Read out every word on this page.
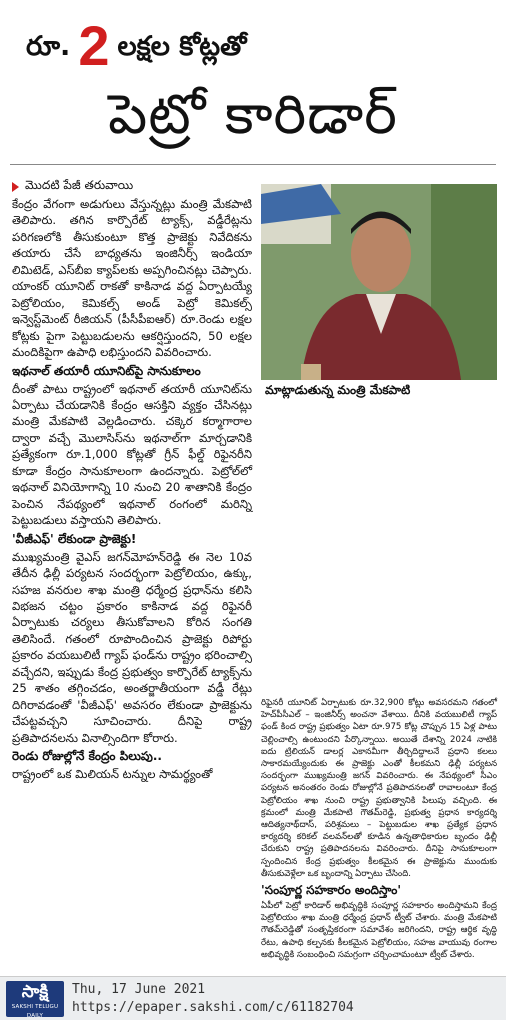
రూ. 2 లక్షల కోట్లతో
పెట్రో కారిడార్
మొదటి పేజీ తరువాయి

కేంద్రం వేగంగా అడుగులు వేస్తున్నట్లు మంత్రి మేకపాటి తెలిపారు. తగిన కార్పొరేట్ ట్యాక్స్, వడ్డీరేట్లను పరిగణలోకి తీసుకుంటూ కొత్త ప్రాజెక్టు నివేదికను తయారు చేసే బాధ్యతను ఇంజినీర్స్ ఇండియా లిమిటెడ్, ఎస్‌బీఐ క్యాప్‌లకు అప్పగించినట్లు చెప్పారు. యాంకర్ యూనిట్ రాకతో కాకినాడ వద్ద ఏర్పాటయ్యే పెట్రోలియం, కెమికల్స్ అండ్ పెట్రో కెమికల్స్ ఇన్వెస్ట్‌మెంట్ రీజియన్ (పీసీపీఐఆర్) రూ.రెండు లక్షల కోట్లకు పైగా పెట్టుబడులను ఆకర్షిస్తుందని, 50 లక్షల మందికిపైగా ఉపాధి లభిస్తుందని వివరించారు.

ఇథనాల్ తయారీ యూనిట్‌పై సానుకూలం

దీంతో పాటు రాష్ట్రంలో ఇథనాల్ తయారీ యూనిట్‌ను ఏర్పాటు చేయడానికి కేంద్రం ఆసక్తిని వ్యక్తం చేసినట్లు మంత్రి మేకపాటి వెల్లడించారు. చక్కెర కర్మాగారాల ద్వారా వచ్చే మొలాసిస్‌ను ఇథనాల్‌గా మార్చడానికి ప్రత్యేకంగా రూ.1,000 కోట్లతో గ్రీన్ ఫీల్డ్ రిఫైనరీని కూడా కేంద్రం సానుకూలంగా ఉందన్నారు. పెట్రోల్‌లో ఇథనాల్ వినియోగాన్ని 10 నుంచి 20 శాతానికి కేంద్రం పెంచిన నేపథ్యంలో ఇథనాల్ రంగంలో మరిన్ని పెట్టుబడులు వస్తాయని తెలిపారు.

'వీజీఎఫ్' లేకుండా ప్రాజెక్టు!

ముఖ్యమంత్రి వైఎస్ జగన్‌మోహన్‌రెడ్డి ఈ నెల 10వ తేదీన ఢిల్లీ పర్యటన సందర్భంగా పెట్రోలియం, ఉక్కు, సహజ వనరుల శాఖ మంత్రి ధర్మేంద్ర ప్రధాన్‌ను కలిసి విభజన చట్టం ప్రకారం కాకినాడ వద్ద రిఫైనరీ ఏర్పాటుకు చర్యలు తీసుకోవాలని కోరిన సంగతి తెలిసిందే. గతంలో రూపొందించిన ప్రాజెక్టు రిపోర్టు ప్రకారం వయబులిటీ గ్యాప్ ఫండ్‌ను రాష్ట్రం భరించాల్సి వచ్చేదని, ఇప్పుడు కేంద్ర ప్రభుత్వం కార్పొరేట్ ట్యాక్స్‌ను 25 శాతం తగ్గించడం, అంతర్జాతీయంగా వడ్డీ రేట్లు దిగిరావడంతో 'వీజీఎఫ్' అవసరం లేకుండా ప్రాజెక్టును చేపట్టవచ్చని సూచించారు. దీనిపై రాష్ట్ర ప్రతిపాదనలను వినాల్సిందిగా కోరారు.

రెండు రోజుల్లోనే కేంద్రం పిలుపు..

రాష్ట్రంలో ఒక మిలియన్ టన్నుల సామర్థ్యంతో

మాట్లాడుతున్న మంత్రి మేకపాటి

రిఫైనరీ యూనిట్ ఏర్పాటుకు రూ.32,900 కోట్లు అవసరమని గతంలో హెచ్‌పీసీఎల్ – ఇంజినీర్స్ అంచనా వేశాయి. దీనికి వయబులిటీ గ్యాప్ ఫండ్ కింద రాష్ట్ర ప్రభుత్వం ఏటా రూ.975 కోట్ల చొప్పున 15 ఏళ్ల పాటు చెల్లించాల్సి ఉంటుందని పేర్కొన్నాయి. అయితే దేశాన్ని 2024 నాటికి ఐదు ట్రిలియన్ డాలర్ల ఎకానమీగా తీర్చిదిద్దాలనే ప్రధాని కలలు సాకారమయ్యేందుకు ఈ ప్రాజెక్టు ఎంతో కీలకమని ఢిల్లీ పర్యటన సందర్భంగా ముఖ్యమంత్రి జగన్ వివరించారు. ఈ నేపథ్యంలో సీఎం పర్యటన అనంతరం రెండు రోజుల్లోనే ప్రతిపాదనలతో రావాలంటూ కేంద్ర పెట్రోలియం శాఖ నుంచి రాష్ట్ర ప్రభుత్వానికి పిలుపు వచ్చింది. ఈ క్రమంలో మంత్రి మేకపాటి గౌతమ్‌రెడ్డి, ప్రభుత్వ ప్రధాన కార్యదర్శి ఆదిత్యనాథ్‌దాస్, పరిశ్రమలు – పెట్టుబడుల శాఖ ప్రత్యేక ప్రధాన కార్యదర్శి కరికల్ వలవన్‌లతో కూడిన ఉన్నతాధికారుల బృందం ఢిల్లీ చేరుకుని రాష్ట్ర ప్రతిపాదనలను వివరించారు. దీనిపై సానుకూలంగా స్పందించిన కేంద్ర ప్రభుత్వం కీలకమైన ఈ ప్రాజెక్టును ముందుకు తీసుకువెళ్లేలా ఒక బృందాన్ని ఏర్పాటు చేసింది.

'సంపూర్ణ సహకారం అందిస్తాం'

ఏపీలో పెట్రో కారిడార్ అభివృద్ధికి సంపూర్ణ సహకారం అందిస్తామని కేంద్ర పెట్రోలియం శాఖ మంత్రి ధర్మేంద్ర ప్రధాన్ ట్వీట్ చేశారు. మంత్రి మేకపాటి గౌతమ్‌రెడ్డితో సంతృప్తికరంగా సమావేశం జరిగిందని, రాష్ట్ర ఆర్థిక వృద్ధి రేటు, ఉపాధి కల్పనకు కీలకమైన పెట్రోలియం, సహజ వాయువు రంగాల అభివృద్ధికి సంబంధించి సమగ్రంగా చర్చించామంటూ ట్వీట్ చేశారు.

సాక్షి
SAKSHI TELUGU DAILY
Thu, 17 June 2021
https://epaper.sakshi.com/c/61182704
